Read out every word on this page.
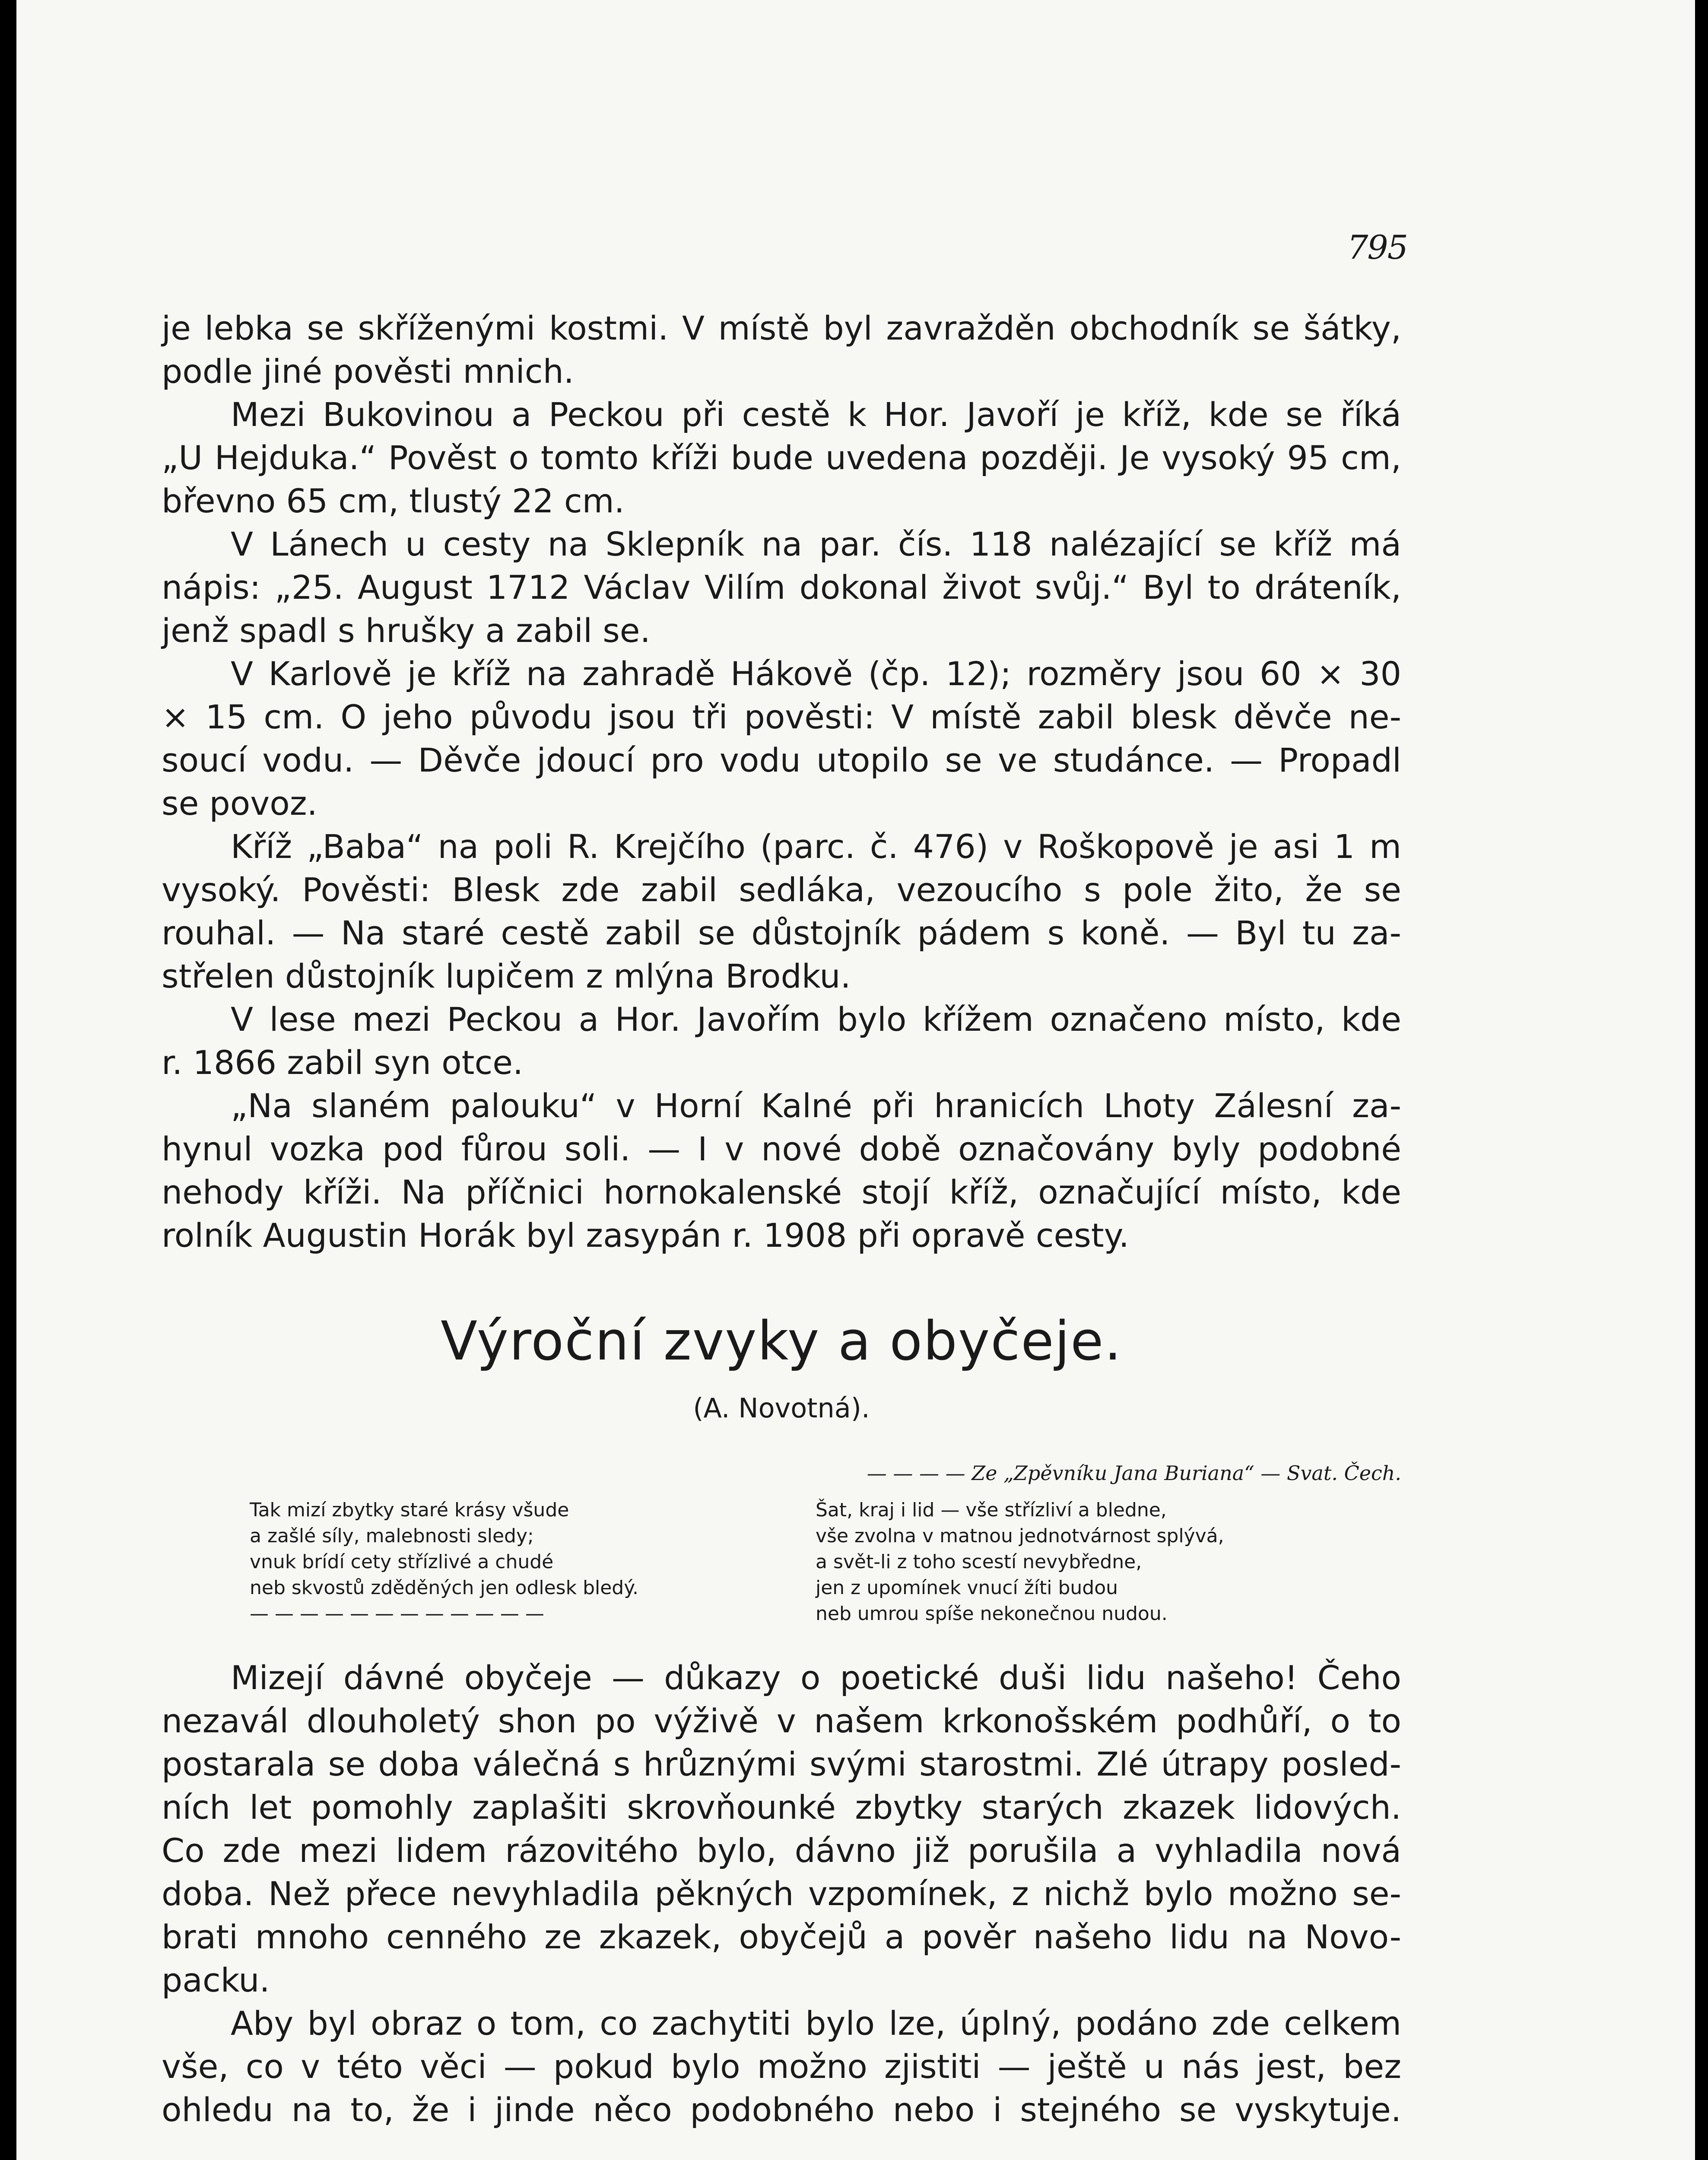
795
je lebka se skříženými kostmi. V místě byl zavražděn obchodník se šátky,
podle jiné pověsti mnich.
Mezi Bukovinou a Peckou při cestě k Hor. Javoří je kříž, kde se říká
„U Hejduka.“ Pověst o tomto kříži bude uvedena později. Je vysoký 95 cm,
břevno 65 cm, tlustý 22 cm.
V Lánech u cesty na Sklepník na par. čís. 118 nalézající se kříž má
nápis: „25. August 1712 Václav Vilím dokonal život svůj.“ Byl to dráteník,
jenž spadl s hrušky a zabil se.
V Karlově je kříž na zahradě Hákově (čp. 12); rozměry jsou 60 × 30
× 15 cm. O jeho původu jsou tři pověsti: V místě zabil blesk děvče ne-
soucí vodu. — Děvče jdoucí pro vodu utopilo se ve studánce. — Propadl
se povoz.
Kříž „Baba“ na poli R. Krejčího (parc. č. 476) v Roškopově je asi 1 m
vysoký. Pověsti: Blesk zde zabil sedláka, vezoucího s pole žito, že se
rouhal. — Na staré cestě zabil se důstojník pádem s koně. — Byl tu za-
střelen důstojník lupičem z mlýna Brodku.
V lese mezi Peckou a Hor. Javořím bylo křížem označeno místo, kde
r. 1866 zabil syn otce.
„Na slaném palouku“ v Horní Kalné při hranicích Lhoty Zálesní za-
hynul vozka pod fůrou soli. — I v nové době označovány byly podobné
nehody kříži. Na příčnici hornokalenské stojí kříž, označující místo, kde
rolník Augustin Horák byl zasypán r. 1908 při opravě cesty.
Výroční zvyky a obyčeje.
(A. Novotná).
— — — — Ze „Zpěvníku Jana Buriana“ — Svat. Čech.
Tak mizí zbytky staré krásy všude
a zašlé síly, malebnosti sledy;
vnuk brídí cety střízlivé a chudé
neb skvostů zděděných jen odlesk bledý.
— — — — — — — — — — — —
Šat, kraj i lid — vše střízliví a bledne,
vše zvolna v matnou jednotvárnost splývá,
a svět-li z toho scestí nevybředne,
jen z upomínek vnucí žíti budou
neb umrou spíše nekonečnou nudou.
Mizejí dávné obyčeje — důkazy o poetické duši lidu našeho! Čeho
nezavál dlouholetý shon po výživě v našem krkonošském podhůří, o to
postarala se doba válečná s hrůznými svými starostmi. Zlé útrapy posled-
ních let pomohly zaplašiti skrovňounké zbytky starých zkazek lidových.
Co zde mezi lidem rázovitého bylo, dávno již porušila a vyhladila nová
doba. Než přece nevyhladila pěkných vzpomínek, z nichž bylo možno se-
brati mnoho cenného ze zkazek, obyčejů a pověr našeho lidu na Novo-
packu.
Aby byl obraz o tom, co zachytiti bylo lze, úplný, podáno zde celkem
vše, co v této věci — pokud bylo možno zjistiti — ještě u nás jest, bez
ohledu na to, že i jinde něco podobného nebo i stejného se vyskytuje.
